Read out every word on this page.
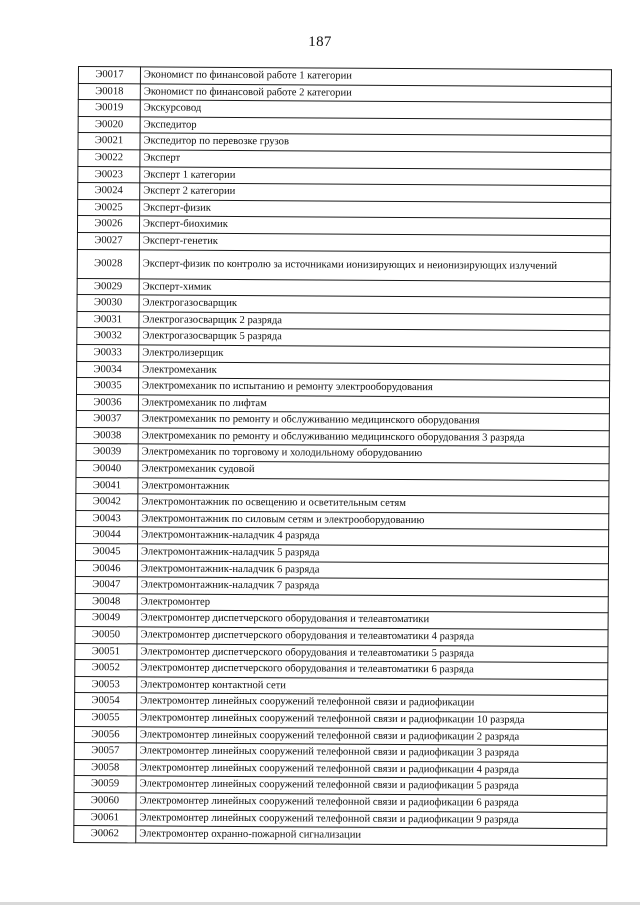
187
Э0017	Экономист по финансовой работе 1 категории
Э0018	Экономист по финансовой работе 2 категории
Э0019	Экскурсовод
Э0020	Экспедитор
Э0021	Экспедитор по перевозке грузов
Э0022	Эксперт
Э0023	Эксперт 1 категории
Э0024	Эксперт 2 категории
Э0025	Эксперт-физик
Э0026	Эксперт-биохимик
Э0027	Эксперт-генетик
Э0028	Эксперт-физик по контролю за источниками ионизирующих и неионизирующих излучений
Э0029	Эксперт-химик
Э0030	Электрогазосварщик
Э0031	Электрогазосварщик 2 разряда
Э0032	Электрогазосварщик 5 разряда
Э0033	Электролизерщик
Э0034	Электромеханик
Э0035	Электромеханик по испытанию и ремонту электрооборудования
Э0036	Электромеханик по лифтам
Э0037	Электромеханик по ремонту и обслуживанию медицинского оборудования
Э0038	Электромеханик по ремонту и обслуживанию медицинского оборудования 3 разряда
Э0039	Электромеханик по торговому и холодильному оборудованию
Э0040	Электромеханик судовой
Э0041	Электромонтажник
Э0042	Электромонтажник по освещению и осветительным сетям
Э0043	Электромонтажник по силовым сетям и электрооборудованию
Э0044	Электромонтажник-наладчик 4 разряда
Э0045	Электромонтажник-наладчик 5 разряда
Э0046	Электромонтажник-наладчик 6 разряда
Э0047	Электромонтажник-наладчик 7 разряда
Э0048	Электромонтер
Э0049	Электромонтер диспетчерского оборудования и телеавтоматики
Э0050	Электромонтер диспетчерского оборудования и телеавтоматики 4 разряда
Э0051	Электромонтер диспетчерского оборудования и телеавтоматики 5 разряда
Э0052	Электромонтер диспетчерского оборудования и телеавтоматики 6 разряда
Э0053	Электромонтер контактной сети
Э0054	Электромонтер линейных сооружений телефонной связи и радиофикации
Э0055	Электромонтер линейных сооружений телефонной связи и радиофикации 10 разряда
Э0056	Электромонтер линейных сооружений телефонной связи и радиофикации 2 разряда
Э0057	Электромонтер линейных сооружений телефонной связи и радиофикации 3 разряда
Э0058	Электромонтер линейных сооружений телефонной связи и радиофикации 4 разряда
Э0059	Электромонтер линейных сооружений телефонной связи и радиофикации 5 разряда
Э0060	Электромонтер линейных сооружений телефонной связи и радиофикации 6 разряда
Э0061	Электромонтер линейных сооружений телефонной связи и радиофикации 9 разряда
Э0062	Электромонтер охранно-пожарной сигнализации
